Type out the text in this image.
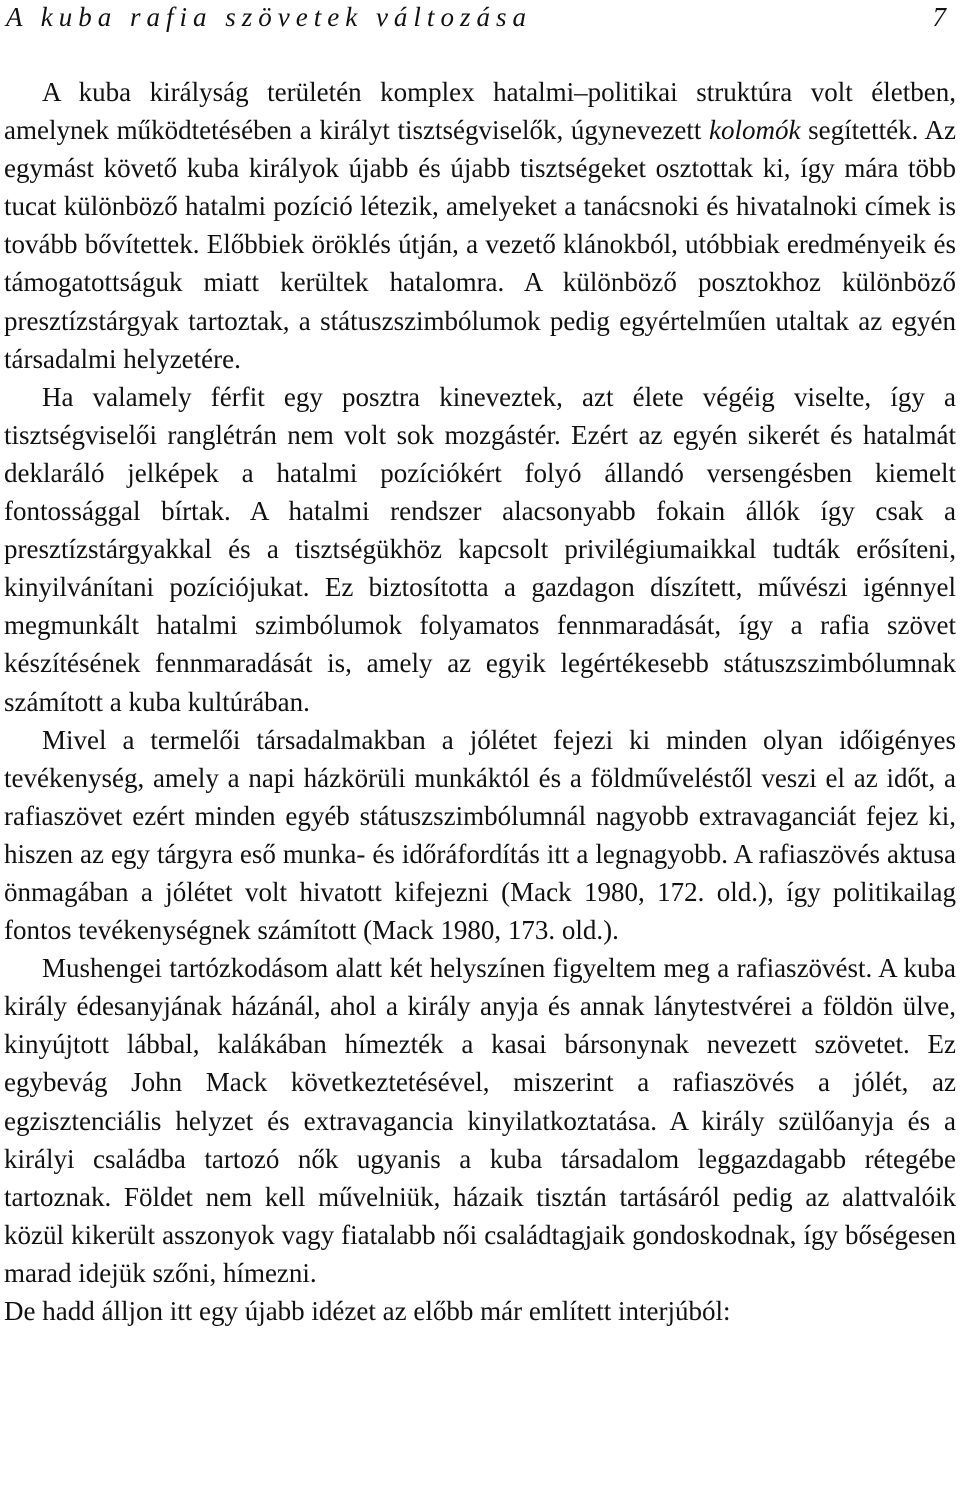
A kuba rafia szövetek változása	7

A kuba királyság területén komplex hatalmi–politikai struktúra volt életben, amelynek működtetésében a királyt tisztségviselők, úgynevezett kolomók segítették. Az egymást követő kuba királyok újabb és újabb tisztségeket osztottak ki, így mára több tucat különböző hatalmi pozíció létezik, amelyeket a tanácsnoki és hivatalnoki címek is tovább bővítettek. Előbbiek öröklés útján, a vezető klánokból, utóbbiak eredményeik és támogatottságuk miatt kerültek hatalomra. A különböző posztokhoz különböző presztízstárgyak tartoztak, a státuszszimbólumok pedig egyértelműen utaltak az egyén társadalmi helyzetére.

Ha valamely férfit egy posztra kineveztek, azt élete végéig viselte, így a tisztségviselői ranglétrán nem volt sok mozgástér. Ezért az egyén sikerét és hatalmát deklaráló jelképek a hatalmi pozíciókért folyó állandó versengésben kiemelt fontossággal bírtak. A hatalmi rendszer alacsonyabb fokain állók így csak a presztízstárgyakkal és a tisztségükhöz kapcsolt privilégiumaikkal tudták erősíteni, kinyilvánítani pozíciójukat. Ez biztosította a gazdagon díszített, művészi igénnyel megmunkált hatalmi szimbólumok folyamatos fennmaradását, így a rafia szövet készítésének fennmaradását is, amely az egyik legértékesebb státuszszimbólumnak számított a kuba kultúrában.

Mivel a termelői társadalmakban a jólétet fejezi ki minden olyan időigényes tevékenység, amely a napi házkörüli munkáktól és a földműveléstől veszi el az időt, a rafiaszövet ezért minden egyéb státuszszimbólumnál nagyobb extravaganciát fejez ki, hiszen az egy tárgyra eső munka- és időráfordítás itt a legnagyobb. A rafiaszövés aktusa önmagában a jólétet volt hivatott kifejezni (Mack 1980, 172. old.), így politikailag fontos tevékenységnek számított (Mack 1980, 173. old.).

Mushengei tartózkodásom alatt két helyszínen figyeltem meg a rafiaszövést. A kuba király édesanyjának házánál, ahol a király anyja és annak lánytestvérei a földön ülve, kinyújtott lábbal, kalákában hímezték a kasai bársonynak nevezett szövetet. Ez egybevág John Mack következtetésével, miszerint a rafiaszövés a jólét, az egzisztenciális helyzet és extravagancia kinyilatkoztatása. A király szülőanyja és a királyi családba tartozó nők ugyanis a kuba társadalom leggazdagabb rétegébe tartoznak. Földet nem kell művelniük, házaik tisztán tartásáról pedig az alattvalóik közül kikerült asszonyok vagy fiatalabb női családtagjaik gondoskodnak, így bőségesen marad idejük szőni, hímezni.

De hadd álljon itt egy újabb idézet az előbb már említett interjúból:
